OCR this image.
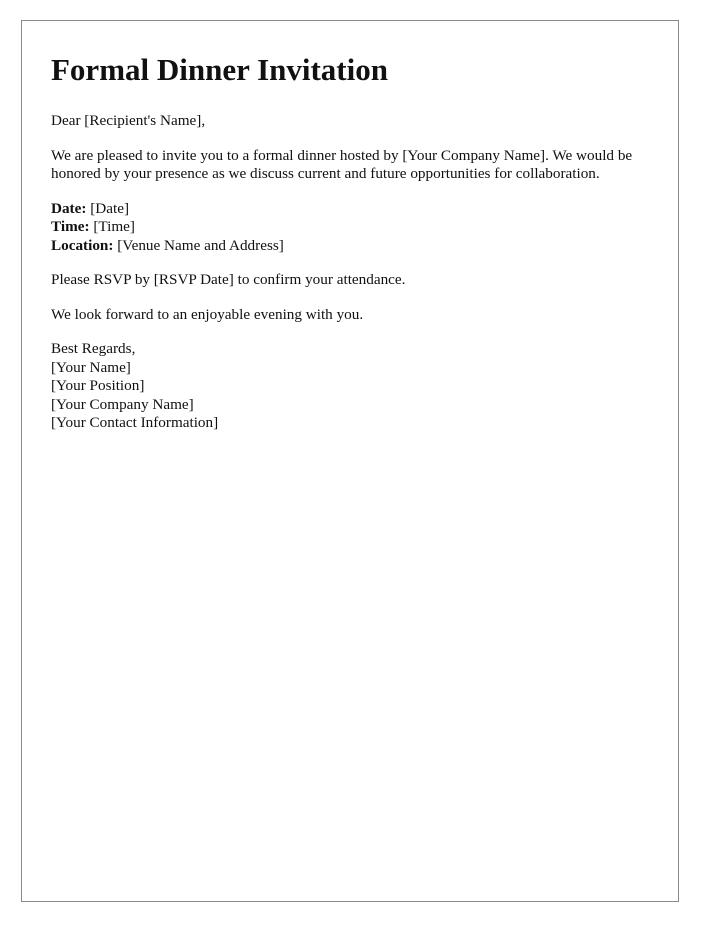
Formal Dinner Invitation

Dear [Recipient's Name],

We are pleased to invite you to a formal dinner hosted by [Your Company Name]. We would be honored by your presence as we discuss current and future opportunities for collaboration.

Date: [Date]
Time: [Time]
Location: [Venue Name and Address]

Please RSVP by [RSVP Date] to confirm your attendance.

We look forward to an enjoyable evening with you.

Best Regards,
[Your Name]
[Your Position]
[Your Company Name]
[Your Contact Information]
